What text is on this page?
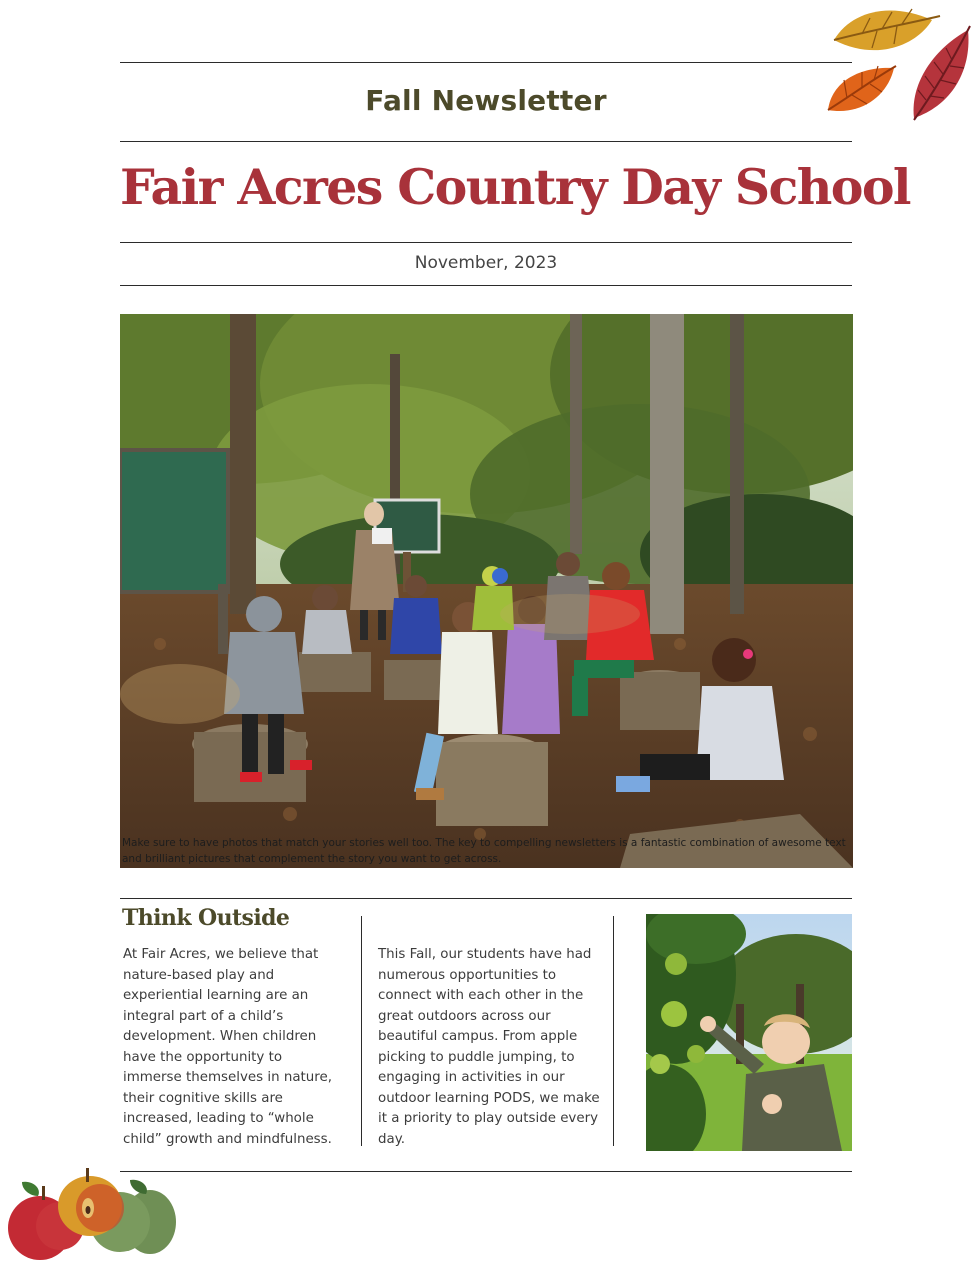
Fall Newsletter
Fair Acres Country Day School
November, 2023
Make sure to have photos that match your stories well too. The key to compelling newsletters is a fantastic combination of awesome text and brilliant pictures that complement the story you want to get across.
Think Outside
At Fair Acres, we believe that nature-based play and experiential learning are an integral part of a child’s development. When children have the opportunity to immerse themselves in nature, their cognitive skills are increased, leading to “whole child” growth and mindfulness.
This Fall, our students have had numerous opportunities to connect with each other in the great outdoors across our beautiful campus. From apple picking to puddle jumping, to engaging in activities in our outdoor learning PODS, we make it a priority to play outside every day.
